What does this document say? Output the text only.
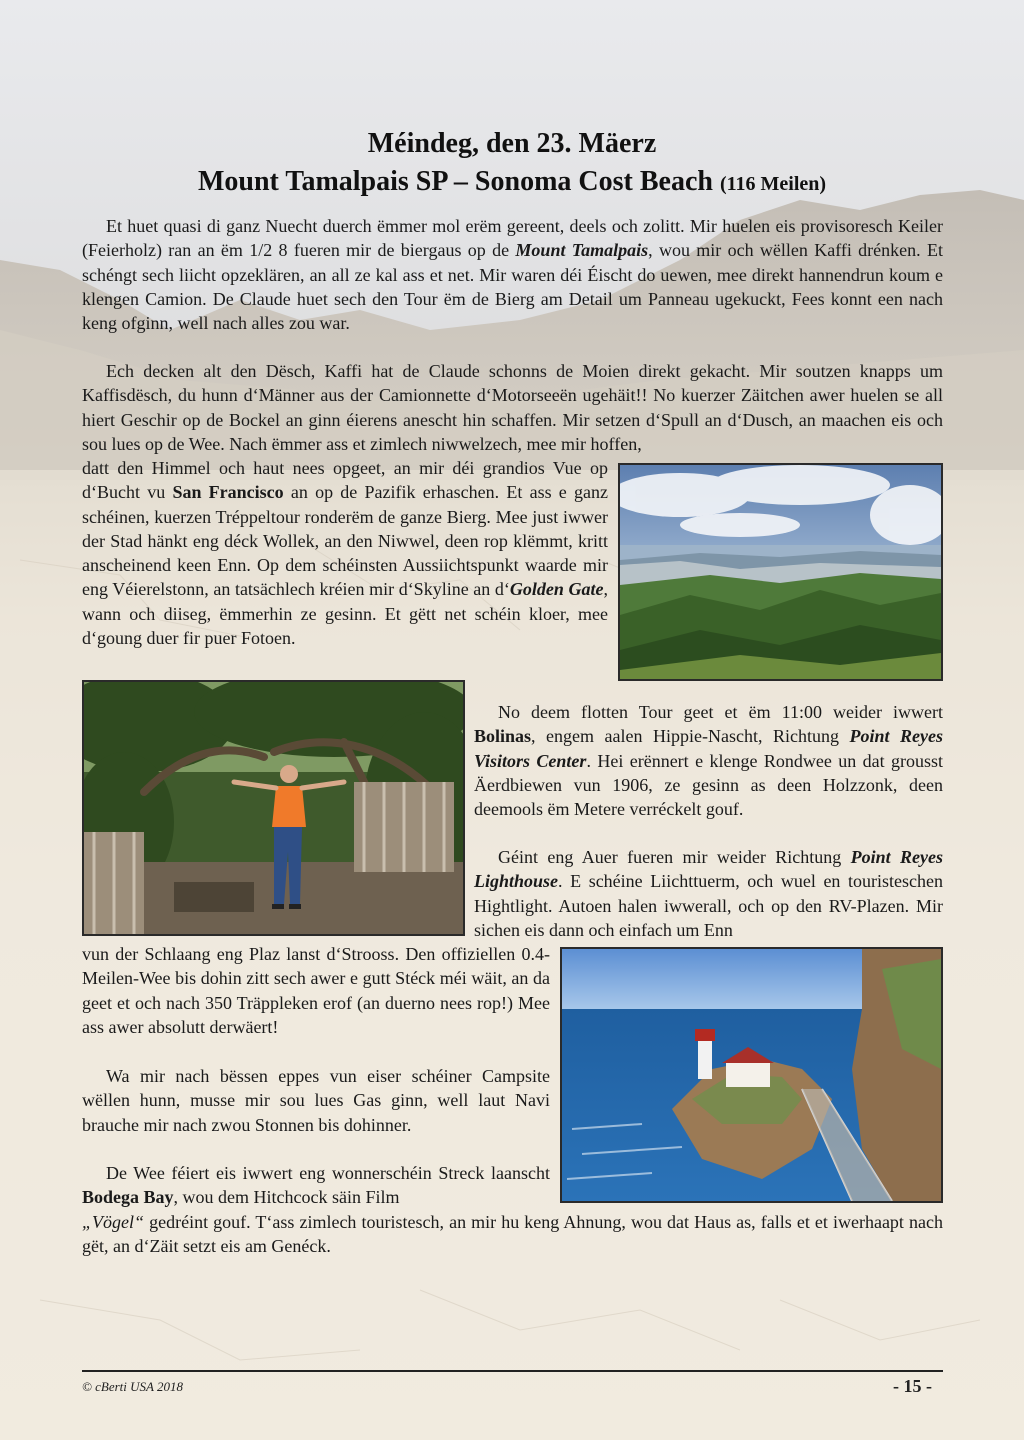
Méindeg, den 23. Mäerz
Mount Tamalpais SP – Sonoma Cost Beach (116 Meilen)

Et huet quasi di ganz Nuecht duerch ëmmer mol erëm gereent, deels och zolitt. Mir huelen eis provisoresch Keiler (Feierholz) ran an ëm 1/2 8 fueren mir de biergaus op de Mount Tamalpais, wou mir och wëllen Kaffi drénken. Et schéngt sech liicht opzeklären, an all ze kal ass et net. Mir waren déi Éischt do uewen, mee direkt hannendrun koum e klengen Camion. De Claude huet sech den Tour ëm de Bierg am Detail um Panneau ugekuckt, Fees konnt een nach keng ofginn, well nach alles zou war.

Ech decken alt den Dësch, Kaffi hat de Claude schonns de Moien direkt gekacht. Mir soutzen knapps um Kaffisdësch, du hunn d‘Männer aus der Camionnette d‘Motorseeën ugehäit!! No kuerzer Zäitchen awer huelen se all hiert Geschir op de Bockel an ginn éierens anescht hin schaffen. Mir setzen d‘Spull an d‘Dusch, an maachen eis och sou lues op de Wee. Nach ëmmer ass et zimlech niwwelzech, mee mir hoffen,

datt den Himmel och haut nees opgeet, an mir déi grandios Vue op d‘Bucht vu San Francisco an op de Pazifik erhaschen. Et ass e ganz schéinen, kuerzen Tréppeltour ronderëm de ganze Bierg. Mee just iwwer der Stad hänkt eng déck Wollek, an den Niwwel, deen rop klëmmt, kritt anscheinend keen Enn. Op dem schéinsten Aussiichtspunkt waarde mir eng Véierelstonn, an tatsächlech kréien mir d‘Skyline an d‘Golden Gate, wann och diiseg, ëmmerhin ze gesinn. Et gëtt net schéin kloer, mee d‘goung duer fir puer Fotoen.

No deem flotten Tour geet et ëm 11:00 weider iwwert Bolinas, engem aalen Hippie-Nascht, Richtung Point Reyes Visitors Center. Hei erënnert e klenge Rondwee un dat grousst Äerdbiewen vun 1906, ze gesinn as deen Holzzonk, deen deemools ëm Metere verréckelt gouf.

Géint eng Auer fueren mir weider Richtung Point Reyes Lighthouse. E schéine Liichttuerm, och wuel en touristeschen Hightlight. Autoen halen iwwerall, och op den RV-Plazen. Mir sichen eis dann och einfach um Enn

vun der Schlaang eng Plaz lanst d‘Strooss. Den offiziellen 0.4-Meilen-Wee bis dohin zitt sech awer e gutt Stéck méi wäit, an da geet et och nach 350 Träppleken erof (an duerno nees rop!) Mee ass awer absolutt derwäert!

Wa mir nach bëssen eppes vun eiser schéiner Campsite wëllen hunn, musse mir sou lues Gas ginn, well laut Navi brauche mir nach zwou Stonnen bis dohinner.

De Wee féiert eis iwwert eng wonnerschéin Streck laanscht Bodega Bay, wou dem Hitchcock säin Film

„Vögel“ gedréint gouf. T‘ass zimlech touristesch, an mir hu keng Ahnung, wou dat Haus as, falls et et iwerhaapt nach gët, an d‘Zäit setzt eis am Genéck.

© cBerti USA 2018	- 15 -
